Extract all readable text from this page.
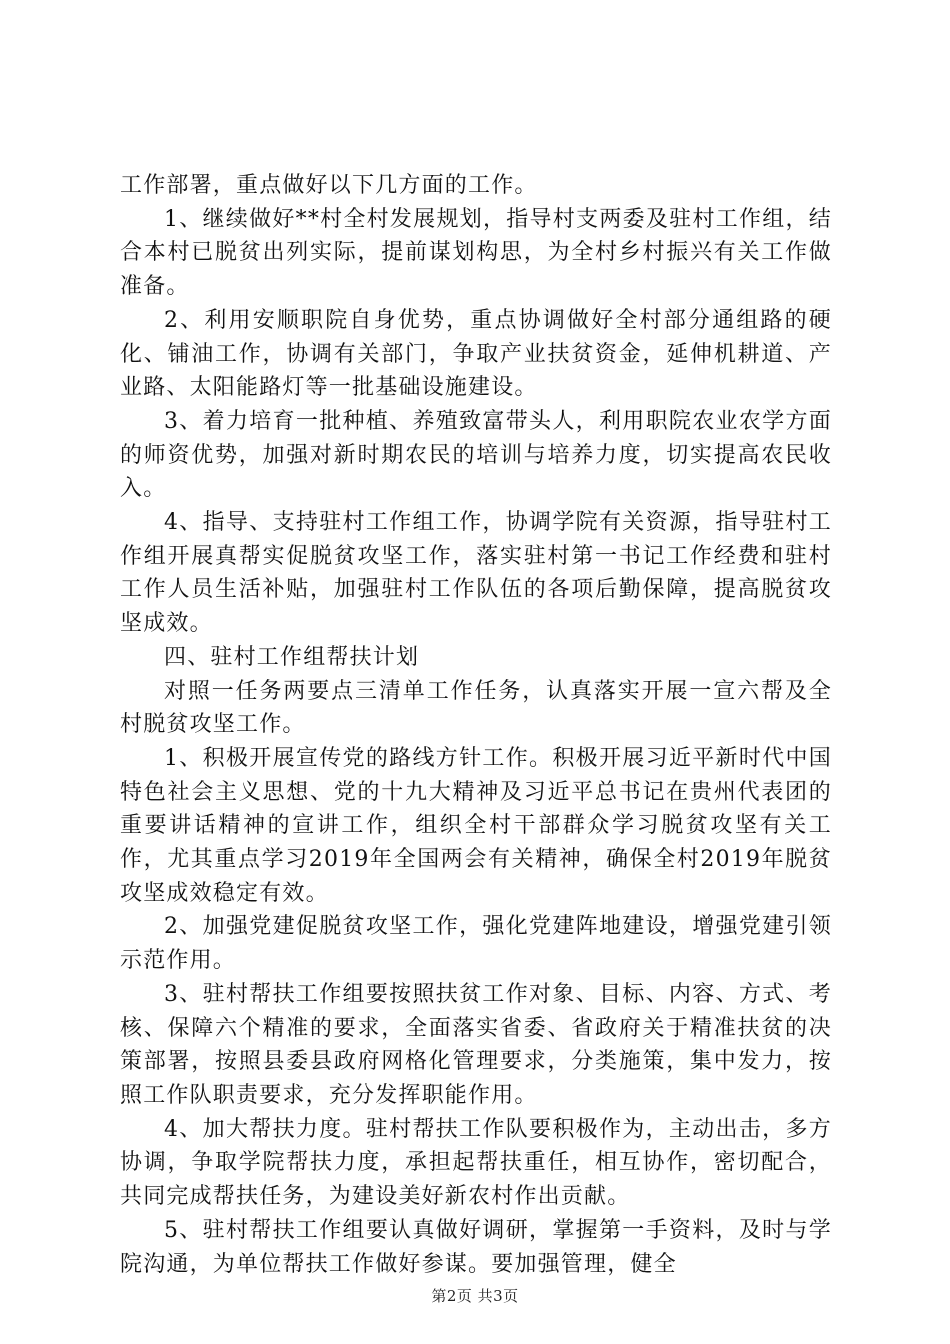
工作部署，重点做好以下几方面的工作。

1、继续做好**村全村发展规划，指导村支两委及驻村工作组，结合本村已脱贫出列实际，提前谋划构思，为全村乡村振兴有关工作做准备。

2、利用安顺职院自身优势，重点协调做好全村部分通组路的硬化、铺油工作，协调有关部门，争取产业扶贫资金，延伸机耕道、产业路、太阳能路灯等一批基础设施建设。

3、着力培育一批种植、养殖致富带头人，利用职院农业农学方面的师资优势，加强对新时期农民的培训与培养力度，切实提高农民收入。

4、指导、支持驻村工作组工作，协调学院有关资源，指导驻村工作组开展真帮实促脱贫攻坚工作，落实驻村第一书记工作经费和驻村工作人员生活补贴，加强驻村工作队伍的各项后勤保障，提高脱贫攻坚成效。

四、驻村工作组帮扶计划

对照一任务两要点三清单工作任务，认真落实开展一宣六帮及全村脱贫攻坚工作。

1、积极开展宣传党的路线方针工作。积极开展习近平新时代中国特色社会主义思想、党的十九大精神及习近平总书记在贵州代表团的重要讲话精神的宣讲工作，组织全村干部群众学习脱贫攻坚有关工作，尤其重点学习2019年全国两会有关精神，确保全村2019年脱贫攻坚成效稳定有效。

2、加强党建促脱贫攻坚工作，强化党建阵地建设，增强党建引领示范作用。

3、驻村帮扶工作组要按照扶贫工作对象、目标、内容、方式、考核、保障六个精准的要求，全面落实省委、省政府关于精准扶贫的决策部署，按照县委县政府网格化管理要求，分类施策，集中发力，按照工作队职责要求，充分发挥职能作用。

4、加大帮扶力度。驻村帮扶工作队要积极作为，主动出击，多方协调，争取学院帮扶力度，承担起帮扶重任，相互协作，密切配合，共同完成帮扶任务，为建设美好新农村作出贡献。

5、驻村帮扶工作组要认真做好调研，掌握第一手资料，及时与学院沟通，为单位帮扶工作做好参谋。要加强管理，健全

第2页 共3页
